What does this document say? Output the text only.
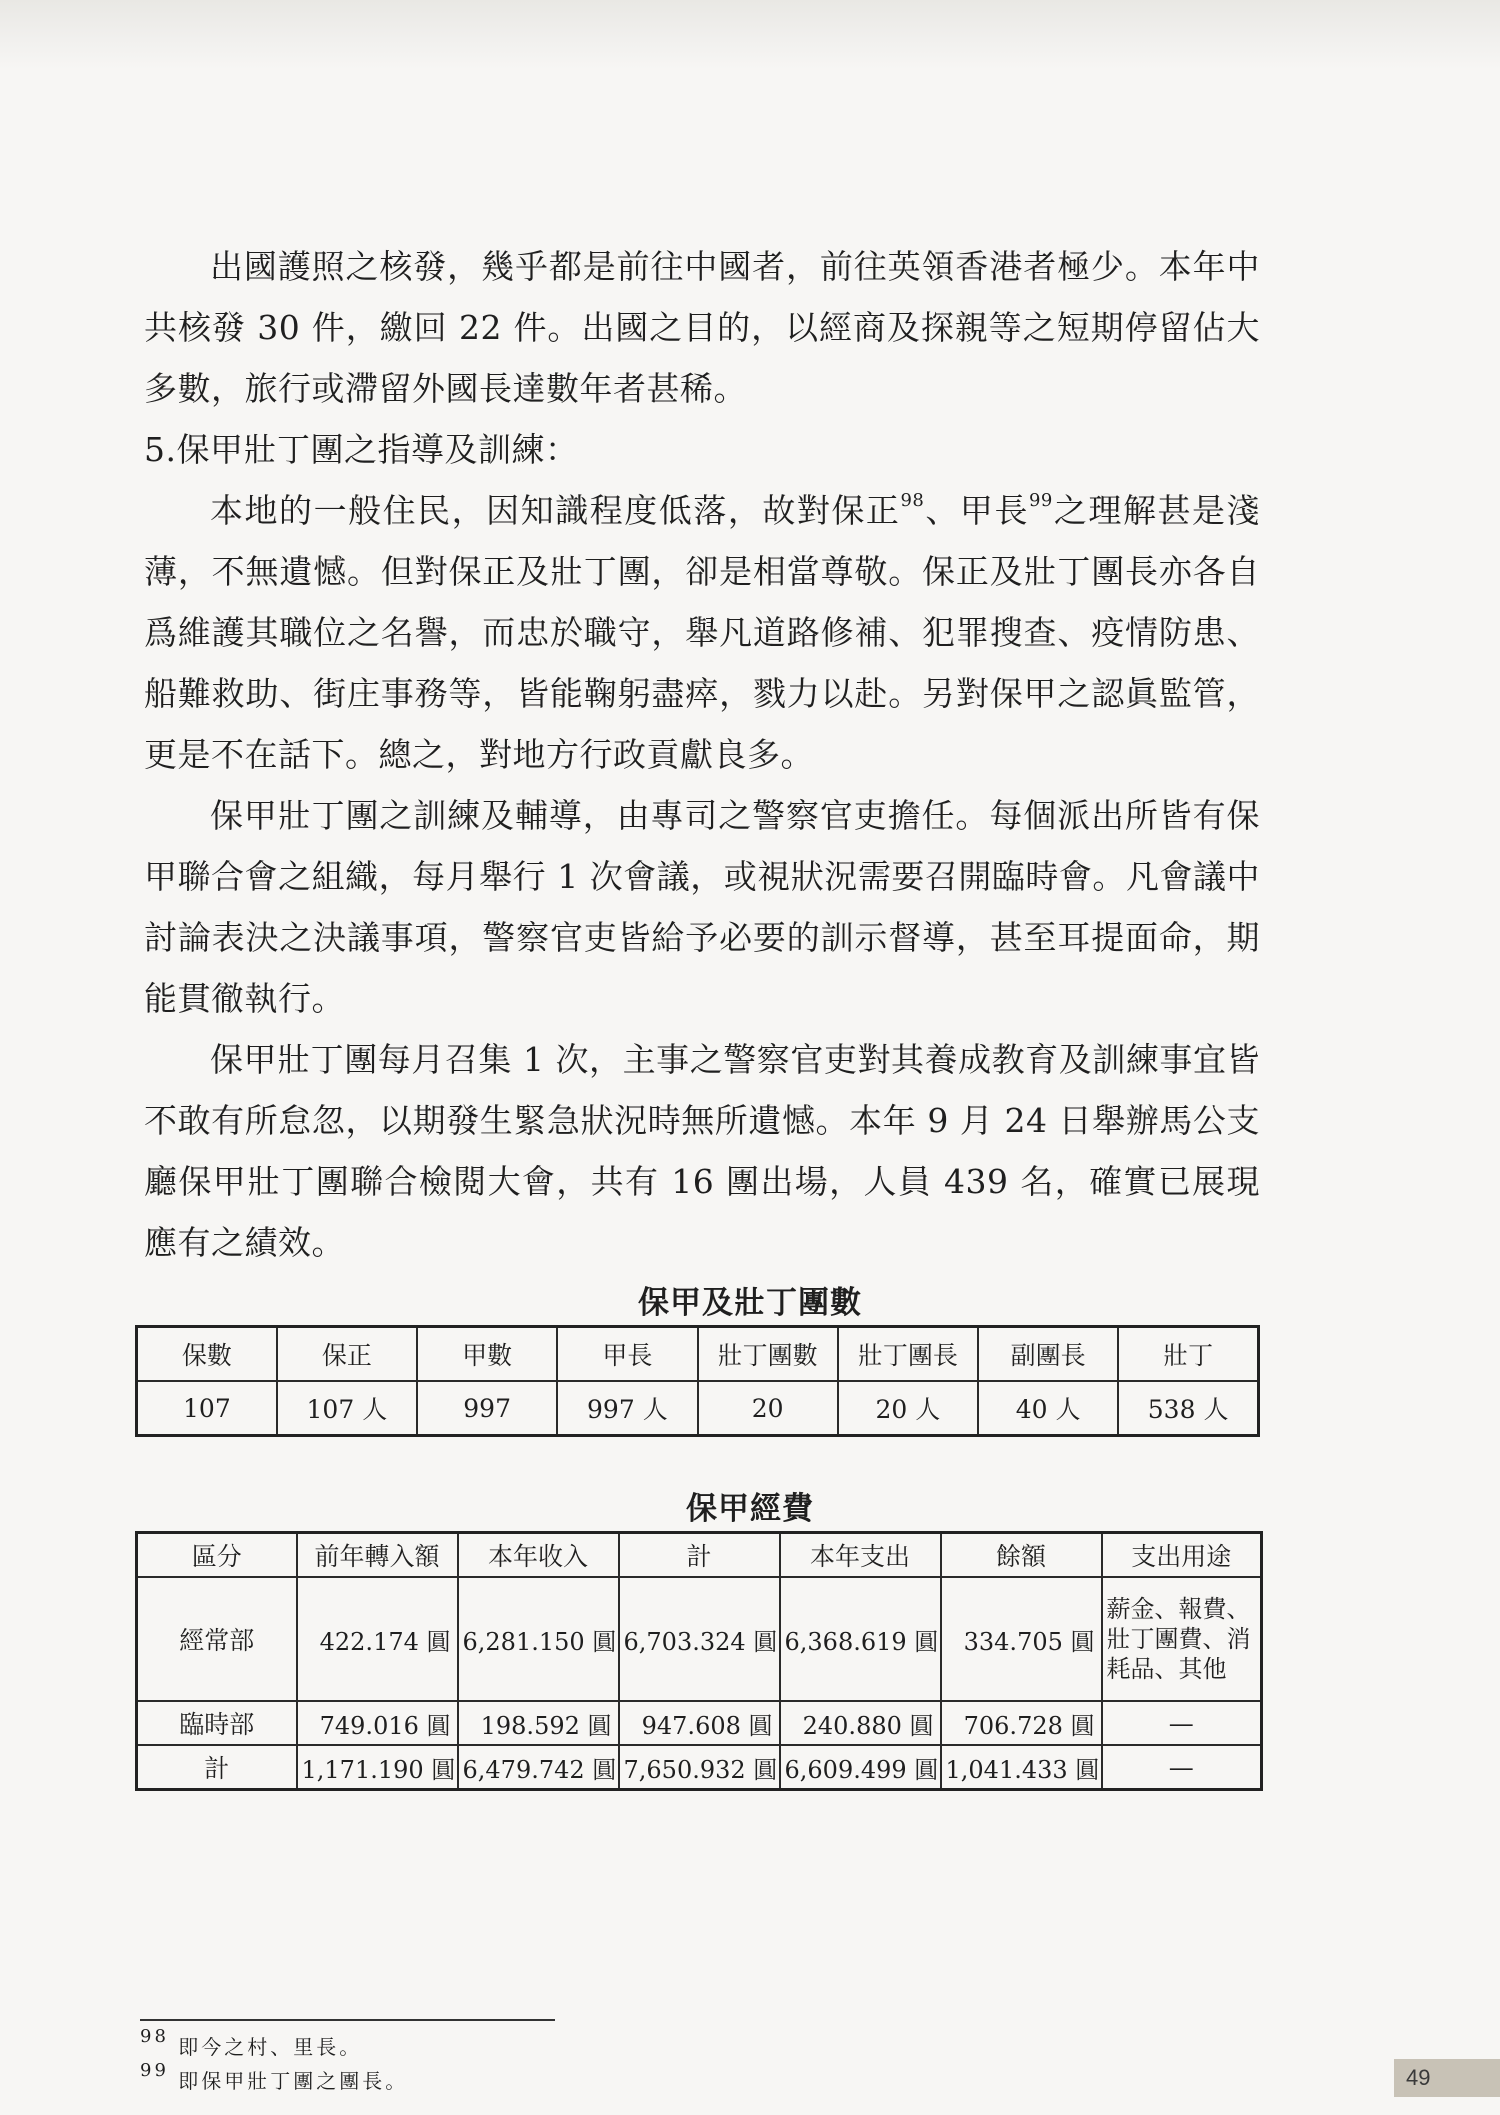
出國護照之核發，幾乎都是前往中國者，前往英領香港者極少。本年中共核發 30 件，繳回 22 件。出國之目的，以經商及探親等之短期停留佔大多數，旅行或滯留外國長達數年者甚稀。

5.保甲壯丁團之指導及訓練：

本地的一般住民，因知識程度低落，故對保正$^{98}$、甲長$^{99}$之理解甚是淺薄，不無遺憾。但對保正及壯丁團，卻是相當尊敬。保正及壯丁團長亦各自爲維護其職位之名譽，而忠於職守，舉凡道路修補、犯罪搜查、疫情防患、船難救助、街庄事務等，皆能鞠躬盡瘁，戮力以赴。另對保甲之認眞監管，更是不在話下。總之，對地方行政貢獻良多。

保甲壯丁團之訓練及輔導，由專司之警察官吏擔任。每個派出所皆有保甲聯合會之組織，每月舉行 1 次會議，或視狀況需要召開臨時會。凡會議中討論表決之決議事項，警察官吏皆給予必要的訓示督導，甚至耳提面命，期能貫徹執行。

保甲壯丁團每月召集 1 次，主事之警察官吏對其養成教育及訓練事宜皆不敢有所怠忽，以期發生緊急狀況時無所遺憾。本年 9 月 24 日舉辦馬公支廳保甲壯丁團聯合檢閱大會，共有 16 團出場，人員 439 名，確實已展現應有之績效。

保甲及壯丁團數
保數	保正	甲數	甲長	壯丁團數	壯丁團長	副團長	壯丁
107	107 人	997	997 人	20	20 人	40 人	538 人
保甲經費
區分	前年轉入額	本年收入	計	本年支出	餘額	支出用途
經常部	422.174 圓	6,281.150 圓	6,703.324 圓	6,368.619 圓	334.705 圓	薪金、報費、壯丁團費、消耗品、其他
臨時部	749.016 圓	198.592 圓	947.608 圓	240.880 圓	706.728 圓	—
計	1,171.190 圓	6,479.742 圓	7,650.932 圓	6,609.499 圓	1,041.433 圓	—
$^{98}$ 即今之村、里長。
$^{99}$ 即保甲壯丁團之團長。	49
